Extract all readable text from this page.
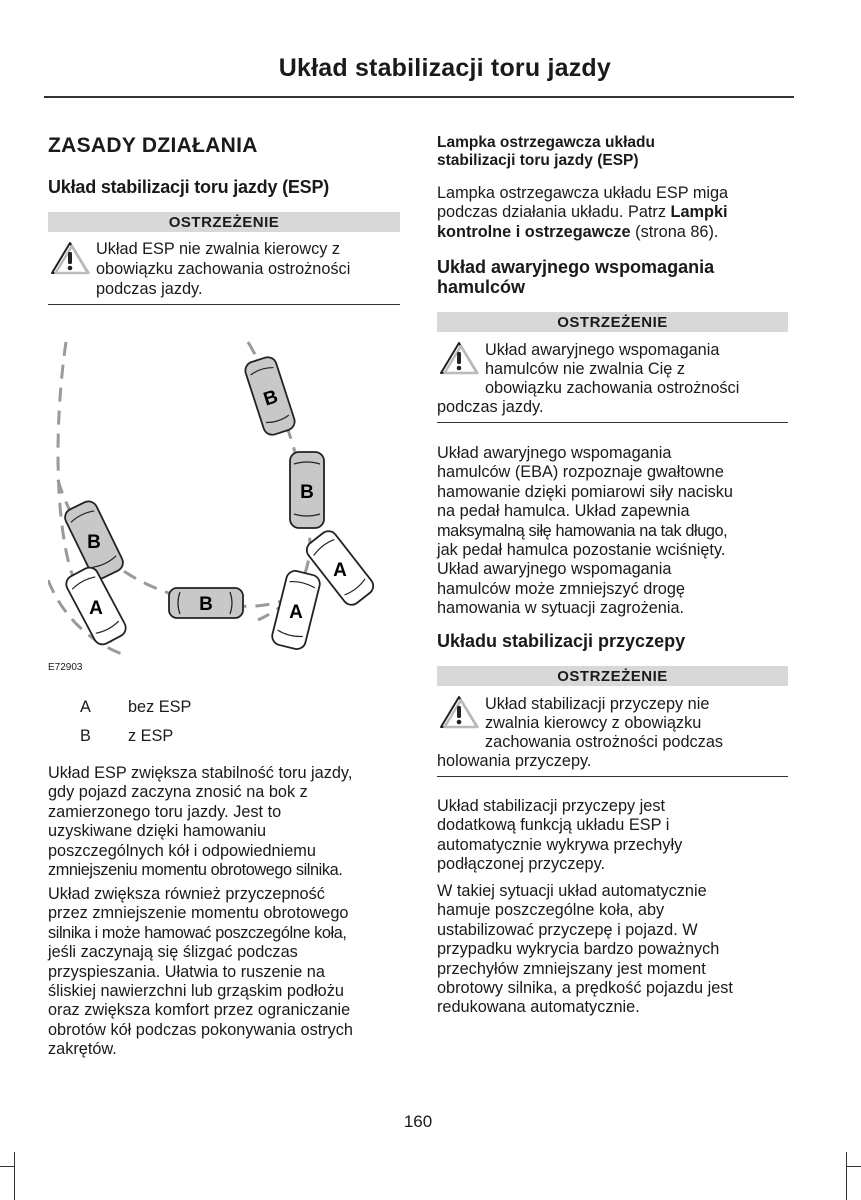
Układ stabilizacji toru jazdy
ZASADY DZIAŁANIA
Układ stabilizacji toru jazdy (ESP)
OSTRZEŻENIE
Układ ESP nie zwalnia kierowcy z
obowiązku zachowania ostrożności
podczas jazdy.
B
B
B
B
A	A
A
E72903
A bez ESP
B z ESP
Układ ESP zwiększa stabilność toru jazdy,
gdy pojazd zaczyna znosić na bok z
zamierzonego toru jazdy. Jest to
uzyskiwane dzięki hamowaniu
poszczególnych kół i odpowiedniemu
zmniejszeniu momentu obrotowego silnika.
Układ zwiększa również przyczepność
przez zmniejszenie momentu obrotowego
silnika i może hamować poszczególne koła,
jeśli zaczynają się ślizgać podczas
przyspieszania. Ułatwia to ruszenie na
śliskiej nawierzchni lub grząskim podłożu
oraz zwiększa komfort przez ograniczanie
obrotów kół podczas pokonywania ostrych
zakrętów.
Lampka ostrzegawcza układu
stabilizacji toru jazdy (ESP)
Lampka ostrzegawcza układu ESP miga
podczas działania układu. Patrz Lampki
kontrolne i ostrzegawcze (strona 86).
Układ awaryjnego wspomagania
hamulców
OSTRZEŻENIE
Układ awaryjnego wspomagania
hamulców nie zwalnia Cię z
obowiązku zachowania ostrożności
podczas jazdy.
Układ awaryjnego wspomagania
hamulców (EBA) rozpoznaje gwałtowne
hamowanie dzięki pomiarowi siły nacisku
na pedał hamulca. Układ zapewnia
maksymalną siłę hamowania na tak długo,
jak pedał hamulca pozostanie wciśnięty.
Układ awaryjnego wspomagania
hamulców może zmniejszyć drogę
hamowania w sytuacji zagrożenia.
Układu stabilizacji przyczepy
OSTRZEŻENIE
Układ stabilizacji przyczepy nie
zwalnia kierowcy z obowiązku
zachowania ostrożności podczas
holowania przyczepy.
Układ stabilizacji przyczepy jest
dodatkową funkcją układu ESP i
automatycznie wykrywa przechyły
podłączonej przyczepy.
W takiej sytuacji układ automatycznie
hamuje poszczególne koła, aby
ustabilizować przyczepę i pojazd. W
przypadku wykrycia bardzo poważnych
przechyłów zmniejszany jest moment
obrotowy silnika, a prędkość pojazdu jest
redukowana automatycznie.
160
